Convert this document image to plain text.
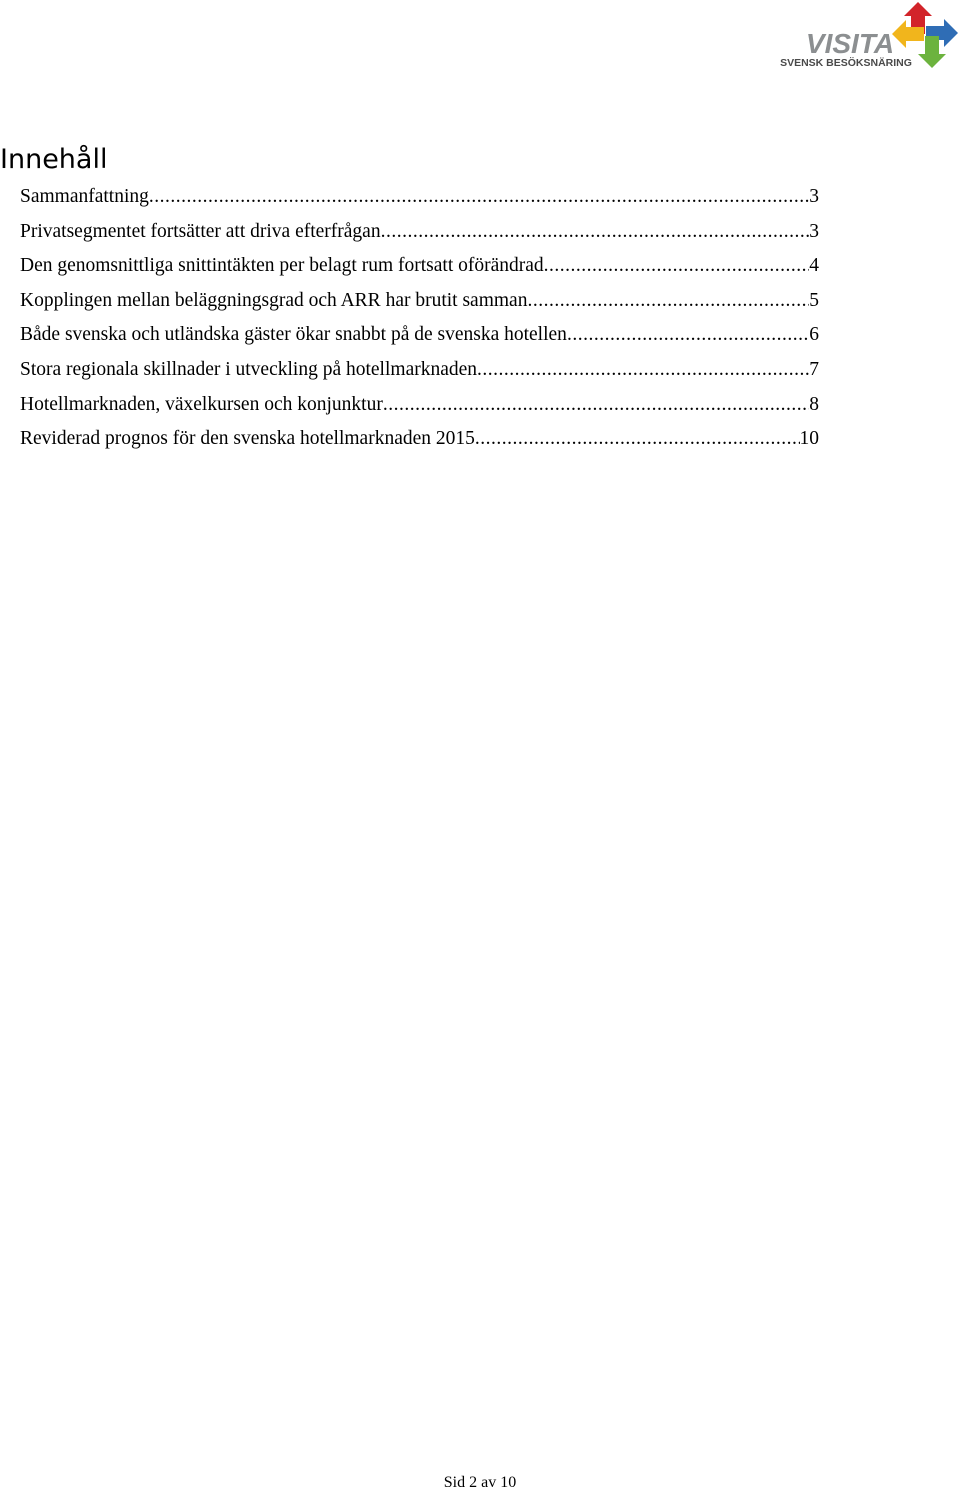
VISITA
SVENSK BESÖKSNÄRING
Innehåll
Sammanfattning .....	3
Privatsegmentet fortsätter att driva efterfrågan .....	3
Den genomsnittliga snittintäkten per belagt rum fortsatt oförändrad .....	4
Kopplingen mellan beläggningsgrad och ARR har brutit samman .....	5
Både svenska och utländska gäster ökar snabbt på de svenska hotellen .....	6
Stora regionala skillnader i utveckling på hotellmarknaden .....	7
Hotellmarknaden, växelkursen och konjunktur .....	8
Reviderad prognos för den svenska hotellmarknaden 2015 .....	10
Sid 2 av 10
